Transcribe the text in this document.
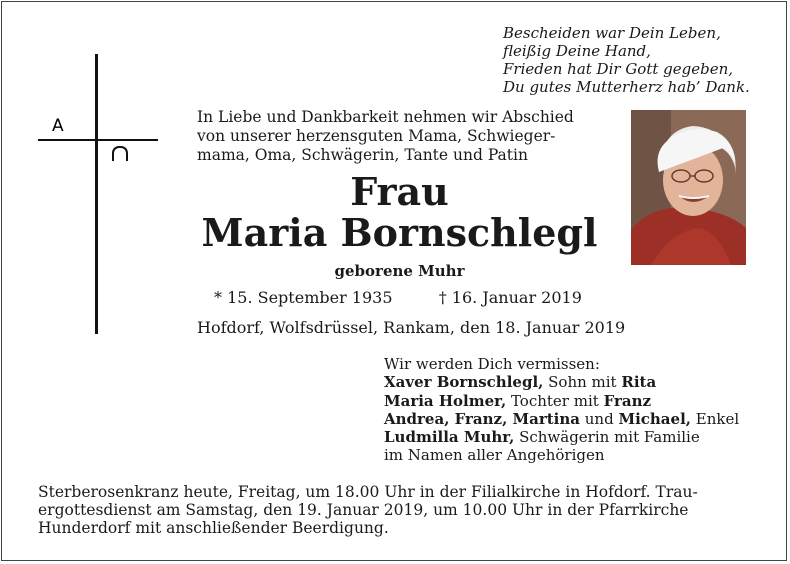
Bescheiden war Dein Leben,
fleißig Deine Hand,
Frieden hat Dir Gott gegeben,
Du gutes Mutterherz hab’ Dank.
A	In Liebe und Dankbarkeit nehmen wir Abschied
von unserer herzensguten Mama, Schwieger-
mama, Oma, Schwägerin, Tante und Patin
Frau
Maria Bornschlegl
geborene Muhr
* 15. September 1935	† 16. Januar 2019
Hofdorf, Wolfsdrüssel, Rankam, den 18. Januar 2019
Wir werden Dich vermissen:
Xaver Bornschlegl, Sohn mit Rita
Maria Holmer, Tochter mit Franz
Andrea, Franz, Martina und Michael, Enkel
Ludmilla Muhr, Schwägerin mit Familie
im Namen aller Angehörigen
Sterberosenkranz heute, Freitag, um 18.00 Uhr in der Filialkirche in Hofdorf. Trau-
ergottesdienst am Samstag, den 19. Januar 2019, um 10.00 Uhr in der Pfarrkirche
Hunderdorf mit anschließender Beerdigung.
